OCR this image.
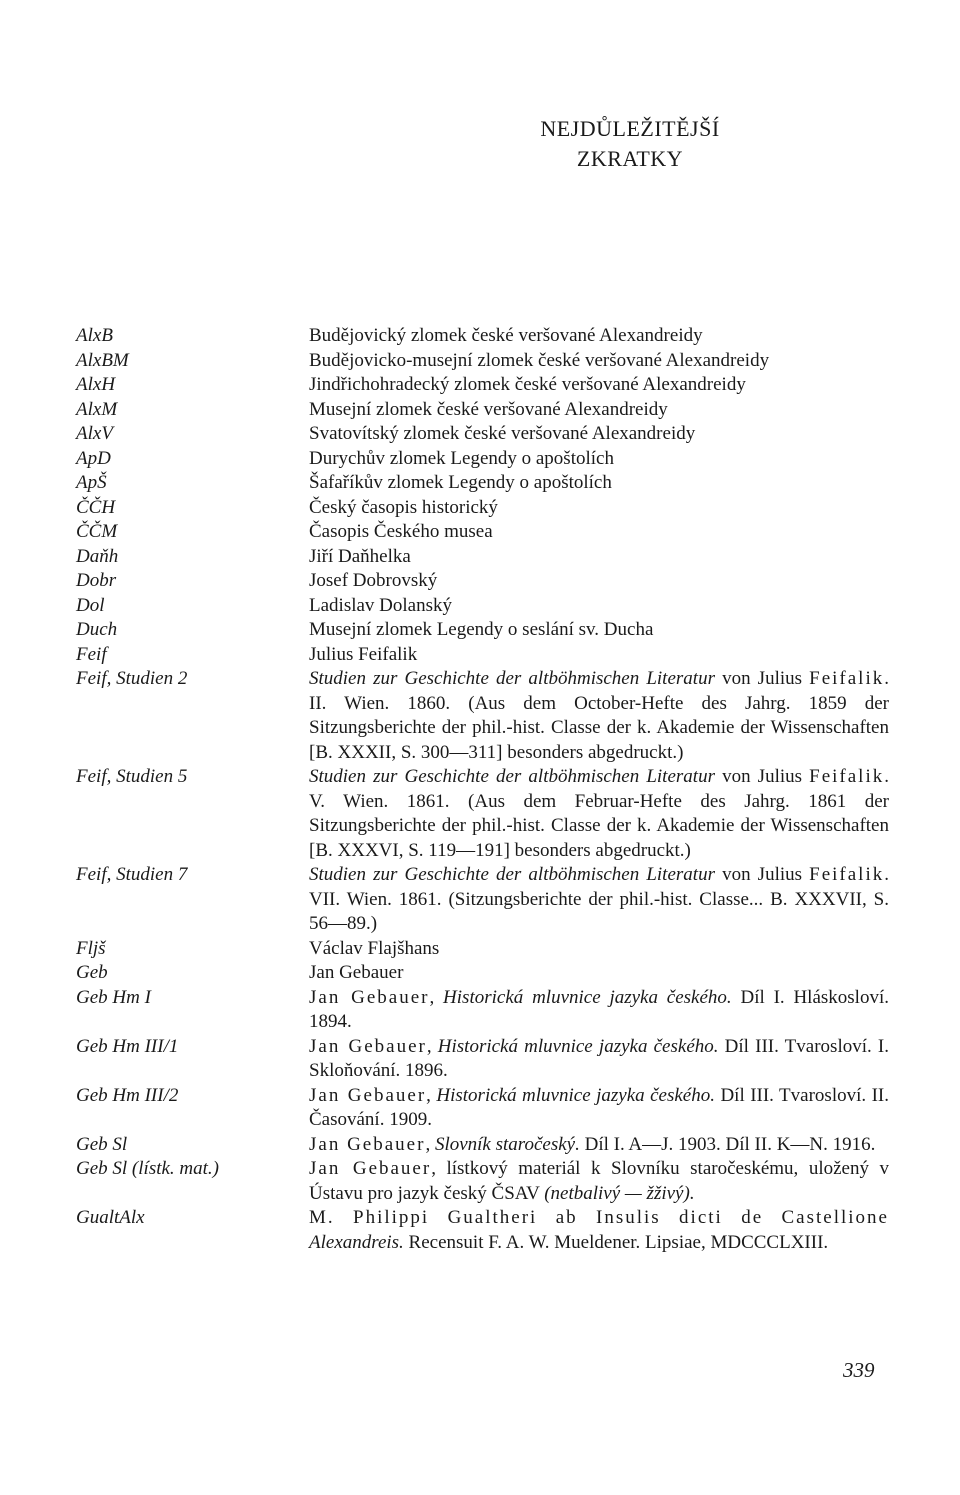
NEJDŮLEŽITĚJŠÍ
ZKRATKY
AlxB	Budějovický zlomek české veršované Alexandreidy
AlxBM	Budějovicko-musejní zlomek české veršované Alexandreidy
AlxH	Jindřichohradecký zlomek české veršované Alexandreidy
AlxM	Musejní zlomek české veršované Alexandreidy
AlxV	Svatovítský zlomek české veršované Alexandreidy
ApD	Durychův zlomek Legendy o apoštolích
ApŠ	Šafaříkův zlomek Legendy o apoštolích
ČČH	Český časopis historický
ČČM	Časopis Českého musea
Daňh	Jiří Daňhelka
Dobr	Josef Dobrovský
Dol	Ladislav Dolanský
Duch	Musejní zlomek Legendy o seslání sv. Ducha
Feif	Julius Feifalik
Feif, Studien 2	Studien zur Geschichte der altböhmischen Literatur von Julius Feifalik. II. Wien. 1860. (Aus dem October-Hefte des Jahrg. 1859 der Sitzungsberichte der phil.-hist. Classe der k. Akademie der Wissenschaften [B. XXXII, S. 300—311] besonders abgedruckt.)
Feif, Studien 5	Studien zur Geschichte der altböhmischen Literatur von Julius Feifalik. V. Wien. 1861. (Aus dem Februar-Hefte des Jahrg. 1861 der Sitzungsberichte der phil.-hist. Classe der k. Akademie der Wissenschaften [B. XXXVI, S. 119—191] besonders abgedruckt.)
Feif, Studien 7	Studien zur Geschichte der altböhmischen Literatur von Julius Feifalik. VII. Wien. 1861. (Sitzungsberichte der phil.-hist. Classe... B. XXXVII, S. 56—89.)
Fljš	Václav Flajšhans
Geb	Jan Gebauer
Geb Hm I	Jan Gebauer, Historická mluvnice jazyka českého. Díl I. Hláskosloví. 1894.
Geb Hm III/1	Jan Gebauer, Historická mluvnice jazyka českého. Díl III. Tvarosloví. I. Skloňování. 1896.
Geb Hm III/2	Jan Gebauer, Historická mluvnice jazyka českého. Díl III. Tvarosloví. II. Časování. 1909.
Geb Sl	Jan Gebauer, Slovník staročeský. Díl I. A—J. 1903. Díl II. K—N. 1916.
Geb Sl (lístk. mat.)	Jan Gebauer, lístkový materiál k Slovníku staročeskému, uložený v Ústavu pro jazyk český ČSAV (netbalivý — žživý).
GualtAlx	M. Philippi Gualtheri ab Insulis dicti de Castellione Alexandreis. Recensuit F. A. W. Mueldener. Lipsiae, MDCCCLXIII.
339
